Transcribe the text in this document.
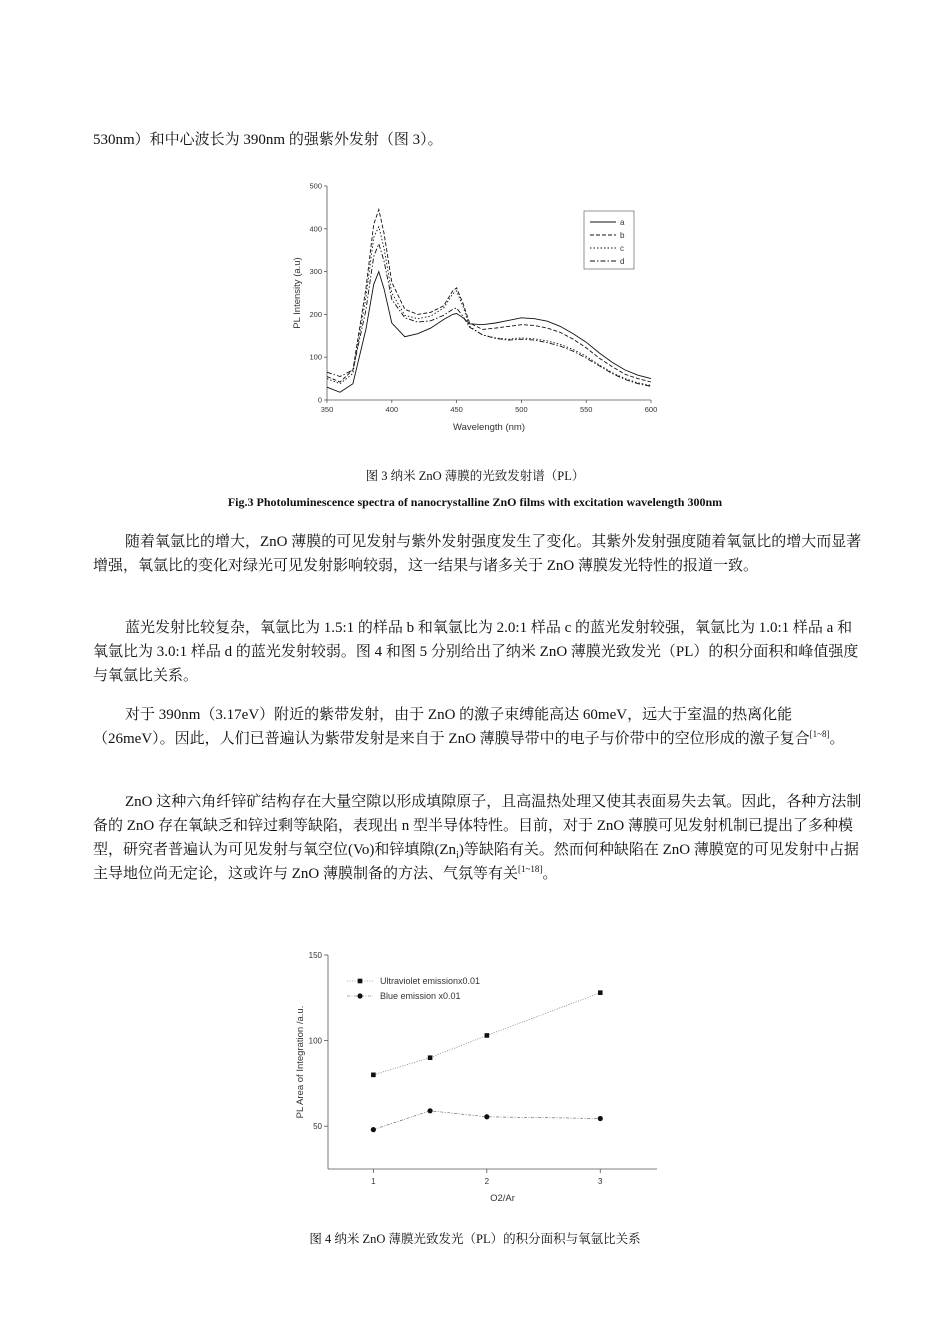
530nm）和中心波长为 390nm 的强紫外发射（图 3）。
350	400	450	500	550	600
0
100
200
300
400
500
Wavelength (nm)
PL Intensity (a.u)
a
b
c
d
图 3 纳米 ZnO 薄膜的光致发射谱（PL）
Fig.3 Photoluminescence spectra of nanocrystalline ZnO films with excitation wavelength 300nm
随着氧氩比的增大，ZnO 薄膜的可见发射与紫外发射强度发生了变化。其紫外发射强度随着氧氩比的增大而显著增强，氧氩比的变化对绿光可见发射影响较弱，这一结果与诸多关于 ZnO 薄膜发光特性的报道一致。
蓝光发射比较复杂，氧氩比为 1.5:1 的样品 b 和氧氩比为 2.0:1 样品 c 的蓝光发射较强，氧氩比为 1.0:1 样品 a 和氧氩比为 3.0:1 样品 d 的蓝光发射较弱。图 4 和图 5 分别给出了纳米 ZnO 薄膜光致发光（PL）的积分面积和峰值强度与氧氩比关系。
对于 390nm（3.17eV）附近的紫带发射，由于 ZnO 的激子束缚能高达 60meV，远大于室温的热离化能（26meV）。因此，人们已普遍认为紫带发射是来自于 ZnO 薄膜导带中的电子与价带中的空位形成的激子复合[1~8]。
ZnO 这种六角纤锌矿结构存在大量空隙以形成填隙原子，且高温热处理又使其表面易失去氧。因此，各种方法制备的 ZnO 存在氧缺乏和锌过剩等缺陷，表现出 n 型半导体特性。目前，对于 ZnO 薄膜可见发射机制已提出了多种模型，研究者普遍认为可见发射与氧空位(Vo)和锌填隙$(Zn_i)$等缺陷有关。然而何种缺陷在 ZnO 薄膜宽的可见发射中占据主导地位尚无定论，这或许与 ZnO 薄膜制备的方法、气氛等有关[1~18]。
1	2	3
50
100
150
O2/Ar
PL Area of Integration /a.u.
Ultraviolet emissionx0.01
Blue emission x0.01
图 4 纳米 ZnO 薄膜光致发光（PL）的积分面积与氧氩比关系
